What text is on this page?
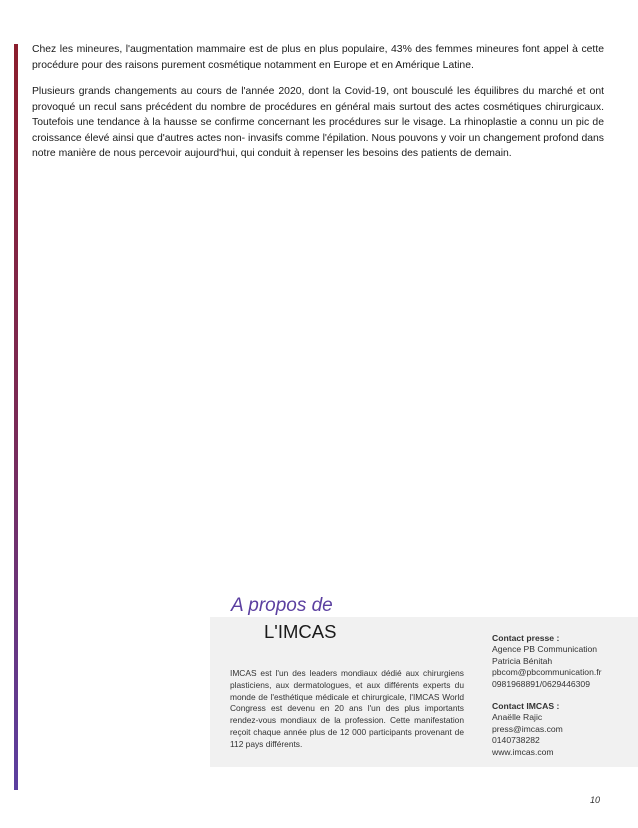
Chez les mineures, l'augmentation mammaire est de plus en plus populaire, 43% des femmes mineures font appel à cette procédure pour des raisons purement cosmétique notamment en Europe et en Amérique Latine.

Plusieurs grands changements au cours de l'année 2020, dont la Covid-19, ont bousculé les équilibres du marché et ont provoqué un recul sans précédent du nombre de procédures en général mais surtout des actes cosmétiques chirurgicaux. Toutefois une tendance à la hausse se confirme concernant les procédures sur le visage. La rhinoplastie a connu un pic de croissance élevé ainsi que d'autres actes non- invasifs comme l'épilation. Nous pouvons y voir un changement profond dans notre manière de nous percevoir aujourd'hui, qui conduit à repenser les besoins des patients de demain.

A propos de
L'IMCAS

IMCAS est l'un des leaders mondiaux dédié aux chirurgiens plasticiens, aux dermatologues, et aux différents experts du monde de l'esthétique médicale et chirurgicale, l'IMCAS World Congress est devenu en 20 ans l'un des plus importants rendez-vous mondiaux de la profession. Cette manifestation reçoit chaque année plus de 12 000 participants provenant de 112 pays différents.

Contact presse :
Agence PB Communication
Patricia Bénitah
pbcom@pbcommunication.fr
0981968891/0629446309
Contact IMCAS :
Anaëlle Rajic
press@imcas.com
0140738282
www.imcas.com
10
